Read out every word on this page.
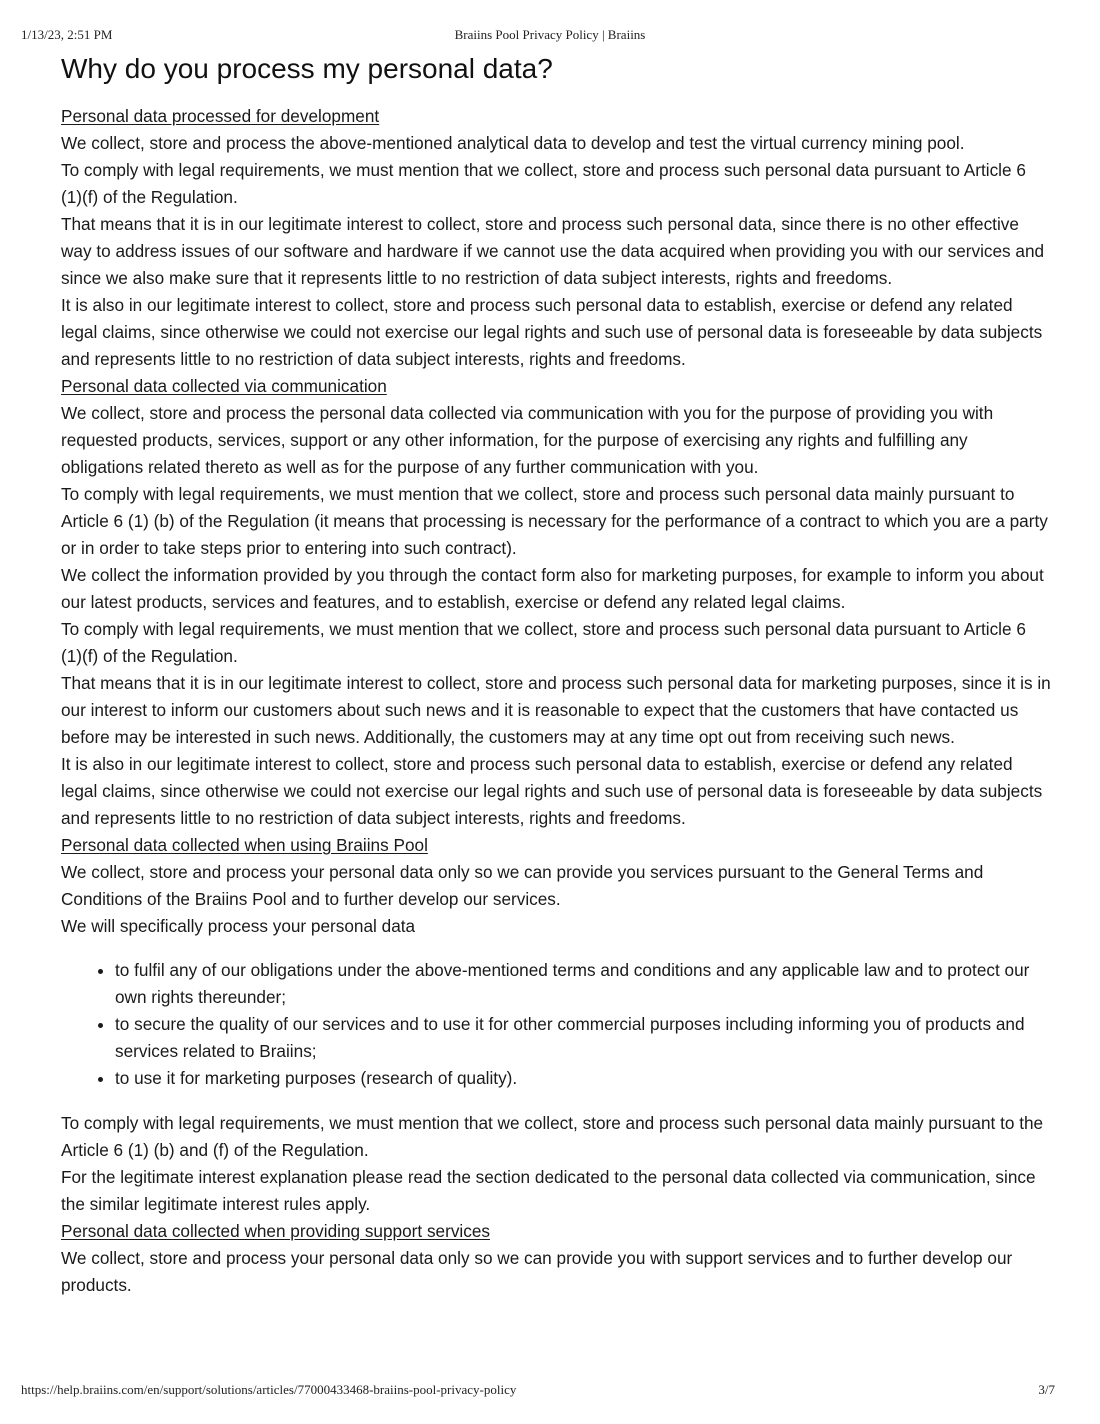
1/13/23, 2:51 PM	Braiins Pool Privacy Policy | Braiins
Why do you process my personal data?

Personal data processed for development

We collect, store and process the above-mentioned analytical data to develop and test the virtual currency mining pool.

To comply with legal requirements, we must mention that we collect, store and process such personal data pursuant to Article 6 (1)(f) of the Regulation.

That means that it is in our legitimate interest to collect, store and process such personal data, since there is no other effective way to address issues of our software and hardware if we cannot use the data acquired when providing you with our services and since we also make sure that it represents little to no restriction of data subject interests, rights and freedoms.

It is also in our legitimate interest to collect, store and process such personal data to establish, exercise or defend any related legal claims, since otherwise we could not exercise our legal rights and such use of personal data is foreseeable by data subjects and represents little to no restriction of data subject interests, rights and freedoms.

Personal data collected via communication

We collect, store and process the personal data collected via communication with you for the purpose of providing you with requested products, services, support or any other information, for the purpose of exercising any rights and fulfilling any obligations related thereto as well as for the purpose of any further communication with you.

To comply with legal requirements, we must mention that we collect, store and process such personal data mainly pursuant to Article 6 (1) (b) of the Regulation (it means that processing is necessary for the performance of a contract to which you are a party or in order to take steps prior to entering into such contract).

We collect the information provided by you through the contact form also for marketing purposes, for example to inform you about our latest products, services and features, and to establish, exercise or defend any related legal claims.

To comply with legal requirements, we must mention that we collect, store and process such personal data pursuant to Article 6 (1)(f) of the Regulation.

That means that it is in our legitimate interest to collect, store and process such personal data for marketing purposes, since it is in our interest to inform our customers about such news and it is reasonable to expect that the customers that have contacted us before may be interested in such news. Additionally, the customers may at any time opt out from receiving such news.

It is also in our legitimate interest to collect, store and process such personal data to establish, exercise or defend any related legal claims, since otherwise we could not exercise our legal rights and such use of personal data is foreseeable by data subjects and represents little to no restriction of data subject interests, rights and freedoms.

Personal data collected when using Braiins Pool

We collect, store and process your personal data only so we can provide you services pursuant to the General Terms and Conditions of the Braiins Pool and to further develop our services.

We will specifically process your personal data

• to fulfil any of our obligations under the above-mentioned terms and conditions and any applicable law and to protect our own rights thereunder;
• to secure the quality of our services and to use it for other commercial purposes including informing you of products and services related to Braiins;
• to use it for marketing purposes (research of quality).

To comply with legal requirements, we must mention that we collect, store and process such personal data mainly pursuant to the Article 6 (1) (b) and (f) of the Regulation.

For the legitimate interest explanation please read the section dedicated to the personal data collected via communication, since the similar legitimate interest rules apply.

Personal data collected when providing support services

We collect, store and process your personal data only so we can provide you with support services and to further develop our products.

https://help.braiins.com/en/support/solutions/articles/77000433468-braiins-pool-privacy-policy	3/7
